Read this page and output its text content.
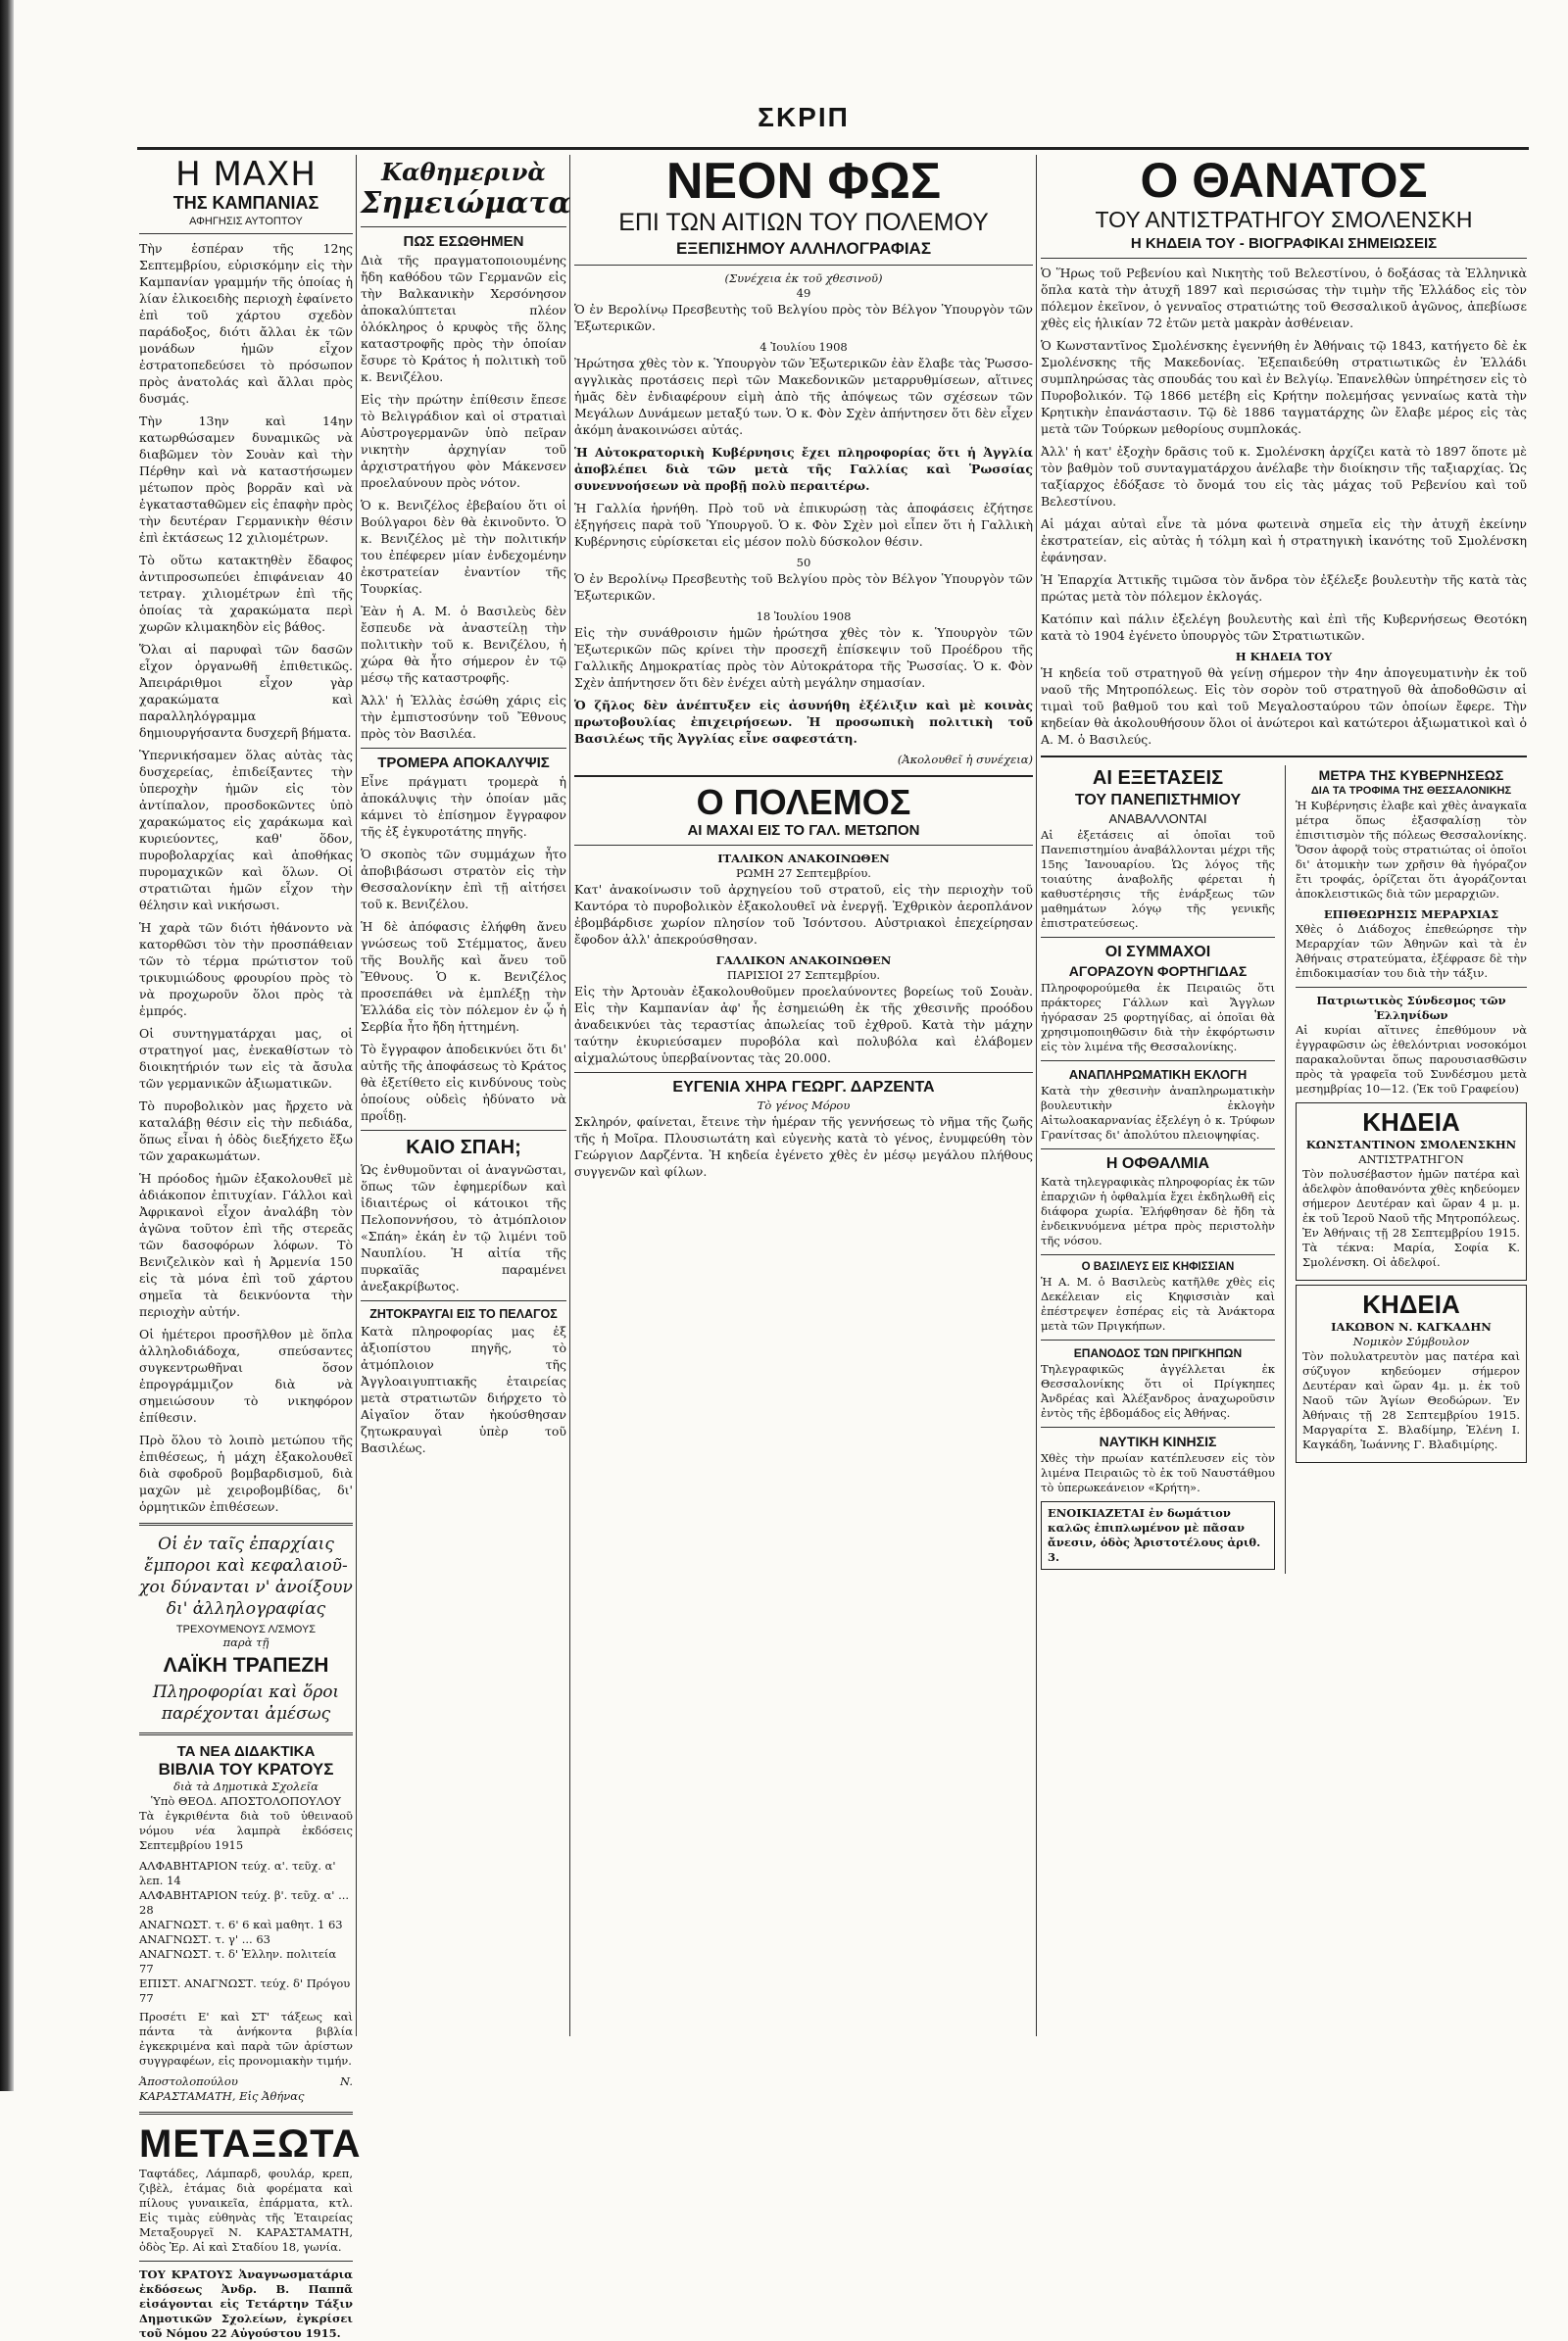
ΣΚΡΙΠ
Η ΜΑΧΗ
ΤΗΣ ΚΑΜΠΑΝΙΑΣ
ΑΦΗΓΗΣΙΣ ΑΥΤΟΠΤΟΥ

Τὴν ἑσπέραν τῆς 12ης Σεπτεμβρίου, εὑρισκόμην εἰς τὴν Καμπανίαν γραμμήν τῆς ὁποίας ἡ λίαν ἐλικοειδὴς περιοχὴ ἐφαίνετο ἐπὶ τοῦ χάρτου σχεδὸν παράδοξος, διότι ἄλλαι ἐκ τῶν μονάδων ἡμῶν εἶχον ἐστρατοπεδεύσει τὸ πρόσωπον πρὸς ἀνατολάς καὶ ἄλλαι πρὸς δυσμάς.

Τὴν 13ην καὶ 14ην κατωρθώσαμεν δυναμικῶς νὰ διαβῶμεν τὸν Σουὰν καὶ τὴν Πέρθην καὶ νὰ καταστήσωμεν μέτωπον πρὸς βορρᾶν καὶ νὰ ἐγκατασταθῶμεν εἰς ἐπαφὴν πρὸς τὴν δευτέραν Γερμανικὴν θέσιν ἐπὶ ἐκτάσεως 12 χιλιομέτρων.

Τὸ οὕτω κατακτηθὲν ἔδαφος ἀντιπροσωπεύει ἐπιφάνειαν 40 τετραγ. χιλιομέτρων ἐπὶ τῆς ὁποίας τὰ χαρακώματα περὶ χωρῶν κλιμακηδὸν εἰς βάθος.

Ὅλαι αἱ παρυφαὶ τῶν δασῶν εἶχον ὀργανωθῆ ἐπιθετικῶς. Ἀπειράριθμοι εἶχον γὰρ χαρακώματα καὶ παραλληλόγραμμα δημιουργήσαντα δυσχερῆ βήματα.

Ὑπερνικήσαμεν ὅλας αὐτὰς τὰς δυσχερείας, ἐπιδείξαντες τὴν ὑπεροχὴν ἡμῶν εἰς τὸν ἀντίπαλον, προσδοκῶντες ὑπὸ χαρακώματος εἰς χαράκωμα καὶ κυριεύοντες, καθ' ὅδον, πυροβολαρχίας καὶ ἀποθήκας πυρομαχικῶν καὶ ὅλων. Οἱ στρατιῶται ἡμῶν εἶχον τὴν θέλησιν καὶ νικήσωσι.

Ἡ χαρὰ τῶν διότι ἠθάνοντο νὰ κατορθῶσι τὸν τὴν προσπάθειαν τῶν τὸ τέρμα πρώτιστον τοῦ τρικυμιώδους φρουρίου πρὸς τὸ νὰ προχωροῦν ὅλοι πρὸς τὰ ἐμπρός.

Οἱ συντηγματάρχαι μας, οἱ στρατηγοί μας, ἐνεκαθίστων τὸ διοικητήριόν των εἰς τὰ ἄσυλα τῶν γερμανικῶν ἀξιωματικῶν.

Τὸ πυροβολικὸν μας ἤρχετο νὰ καταλάβῃ θέσιν εἰς τὴν πεδιάδα, ὅπως εἶναι ἡ ὁδὸς διεξήχετο ἔξω τῶν χαρακωμάτων.

Ἡ πρόοδος ἡμῶν ἐξακολουθεῖ μὲ ἀδιάκοπον ἐπιτυχίαν. Γάλλοι καὶ Ἀφρικανοὶ εἶχον ἀναλάβη τὸν ἀγῶνα τοῦτον ἐπὶ τῆς στερεᾶς τῶν δασοφόρων λόφων. Τὸ Βενιζελικὸν καὶ ἡ Ἀρμενία 150 εἰς τὰ μόνα ἐπὶ τοῦ χάρτου σημεῖα τὰ δεικνύοντα τὴν περιοχὴν αὐτήν.

Οἱ ἡμέτεροι προσῆλθον μὲ ὅπλα ἀλληλοδιάδοχα, σπεύσαντες συγκεντρωθῆναι ὅσον ἐπρογράμμιζον διὰ νὰ σημειώσουν τὸ νικηφόρον ἐπίθεσιν.

Πρὸ ὅλου τὸ λοιπὸ μετώπου τῆς ἐπιθέσεως, ἡ μάχη ἐξακολουθεῖ διὰ σφοδροῦ βομβαρδισμοῦ, διὰ μαχῶν μὲ χειροβομβίδας, δι' ὁρμητικῶν ἐπιθέσεων.

Οἱ ἐν ταῖς ἐπαρχίαις
ἔμποροι καὶ κεφαλαιοῦ-
χοι δύνανται ν' ἀνοίξουν
δι' ἀλληλογραφίας
ΤΡΕΧΟΥΜΕΝΟΥΣ Λ/ΣΜΟΥΣ
παρὰ τῇ
ΛΑΪΚΗ ΤΡΑΠΕΖΗ
Πληροφορίαι καὶ ὅροι
παρέχονται ἀμέσως
ΤΑ ΝΕΑ ΔΙΔΑΚΤΙΚΑ
ΒΙΒΛΙΑ ΤΟΥ ΚΡΑΤΟΥΣ
διὰ τὰ Δημοτικὰ Σχολεῖα
Ὑπὸ ΘΕΟΔ. ΑΠΟΣΤΟΛΟΠΟΥΛΟΥ

Τὰ ἐγκριθέντα διὰ τοῦ ὑθειναοῦ νόμου νέα λαμπρὰ ἐκδόσεις Σεπτεμβρίου 1915

ΑΛΦΑΒΗΤΑΡΙΟΝ τεύχ. α'. τεῦχ. α' λεπ. 14
ΑΛΦΑΒΗΤΑΡΙΟΝ τεύχ. β'. τεῦχ. α' ... 28
ΑΝΑΓΝΩΣΤ. τ. 6' 6 καὶ μαθητ. 1 63
ΑΝΑΓΝΩΣΤ. τ. γ' ... 63
ΑΝΑΓΝΩΣΤ. τ. δ' Ἑλλην. πολιτεία 77
ΕΠΙΣΤ. ΑΝΑΓΝΩΣΤ. τεύχ. δ' Πρόγου 77

Προσέτι Ε' καὶ ΣΤ' τάξεως καὶ πάντα τὰ ἀνήκοντα βιβλία ἐγκεκριμένα καὶ παρὰ τῶν ἀρίστων συγγραφέων, εἰς προνομιακὴν τιμήν.

Ἀποστολοπούλου N. ΚΑΡΑΣΤΑΜΑΤΗ, Εἰς Ἀθήνας

ΜΕΤΑΞΩΤΑ

Ταφτάδες, Λάμπαρδ, φουλάρ, κρεπ, ζιβὲλ, ἐτάμας διὰ φορέματα καὶ πίλους γυναικεῖα, ἐπάρματα, κτλ. Εἰς τιμὰς εὐθηνὰς τῆς Ἐταιρείας Μεταξουργεῖ Ν. ΚΑΡΑΣΤΑΜΑΤΗ, ὁδὸς Ἑρ. Αἱ καὶ Σταδίου 18, γωνία.

ΤΟΥ ΚΡΑΤΟΥΣ Ἀναγνωσματάρια ἐκδόσεως Ἀνδρ. Β. Παππᾶ εἰσάγονται εἰς Τετάρτην Τάξιν Δημοτικῶν Σχολείων, ἐγκρίσει τοῦ Νόμου 22 Αὐγούστου 1915.

Καθημερινὰ
Σημειώματα
ΠΩΣ ΕΣΩΘΗΜΕΝ

Διὰ τῆς πραγματοποιουμένης ἤδη καθόδου τῶν Γερμανῶν εἰς τὴν Βαλκανικὴν Χερσόνησον ἀποκαλύπτεται πλέον ὁλόκληρος ὁ κρυφὸς τῆς ὅλης καταστροφῆς πρὸς τὴν ὁποίαν ἔσυρε τὸ Κράτος ἡ πολιτικὴ τοῦ κ. Βενιζέλου.

Εἰς τὴν πρώτην ἐπίθεσιν ἔπεσε τὸ Βελιγράδιον καὶ οἱ στρατιαὶ Αὐστρογερμανῶν ὑπὸ πεῖραν νικητὴν ἀρχηγίαν τοῦ ἀρχιστρατήγου φὸν Μάκενσεν προελαύνουν πρὸς νότον.

Ὁ κ. Βενιζέλος ἐβεβαίου ὅτι οἱ Βούλγαροι δὲν θὰ ἐκινοῦντο. Ὁ κ. Βενιζέλος μὲ τὴν πολιτικήν του ἐπέφερεν μίαν ἐνδεχομένην ἐκστρατείαν ἐναντίον τῆς Τουρκίας.

Ἐὰν ἡ Α. Μ. ὁ Βασιλεὺς δὲν ἔσπευδε νὰ ἀναστείλῃ τὴν πολιτικὴν τοῦ κ. Βενιζέλου, ἡ χώρα θὰ ἦτο σήμερον ἐν τῷ μέσῳ τῆς καταστροφῆς.

Ἀλλ' ἡ Ἑλλὰς ἐσώθη χάρις εἰς τὴν ἐμπιστοσύνην τοῦ Ἔθνους πρὸς τὸν Βασιλέα.

ΤΡΟΜΕΡΑ ΑΠΟΚΑΛΥΨΙΣ

Εἶνε πράγματι τρομερὰ ἡ ἀποκάλυψις τὴν ὁποίαν μᾶς κάμνει τὸ ἐπίσημον ἔγγραφον τῆς ἐξ ἐγκυροτάτης πηγῆς.

Ὁ σκοπὸς τῶν συμμάχων ἦτο ἀποβιβάσωσι στρατὸν εἰς τὴν Θεσσαλονίκην ἐπὶ τῇ αἰτήσει τοῦ κ. Βενιζέλου.

Ἡ δὲ ἀπόφασις ἐλήφθη ἄνευ γνώσεως τοῦ Στέμματος, ἄνευ τῆς Βουλῆς καὶ ἄνευ τοῦ Ἔθνους. Ὁ κ. Βενιζέλος προσεπάθει νὰ ἐμπλέξῃ τὴν Ἑλλάδα εἰς τὸν πόλεμον ἐν ᾧ ἡ Σερβία ἦτο ἤδη ἡττημένη.

Τὸ ἔγγραφον ἀποδεικνύει ὅτι δι' αὐτῆς τῆς ἀποφάσεως τὸ Κράτος θὰ ἐξετίθετο εἰς κινδύνους τοὺς ὁποίους οὐδεὶς ἠδύνατο νὰ προΐδῃ.

ΚΑΙΟ ΣΠΑΗ;

Ὡς ἐνθυμοῦνται οἱ ἀναγνῶσται, ὅπως τῶν ἐφημερίδων καὶ ἰδιαιτέρως οἱ κάτοικοι τῆς Πελοποννήσου, τὸ ἀτμόπλοιον «Σπάη» ἐκάη ἐν τῷ λιμένι τοῦ Ναυπλίου. Ἡ αἰτία τῆς πυρκαϊᾶς παραμένει ἀνεξακρίβωτος.

ΖΗΤΟΚΡΑΥΓΑΙ ΕΙΣ ΤΟ ΠΕΛΑΓΟΣ

Κατὰ πληροφορίας μας ἐξ ἀξιοπίστου πηγῆς, τὸ ἀτμόπλοιον τῆς Ἀγγλοαιγυπτιακῆς ἑταιρείας μετὰ στρατιωτῶν διήρχετο τὸ Αἰγαῖον ὅταν ἠκούσθησαν ζητωκραυγαὶ ὑπὲρ τοῦ Βασιλέως.

ΝΕΟΝ ΦΩΣ
ΕΠΙ ΤΩΝ ΑΙΤΙΩΝ ΤΟΥ ΠΟΛΕΜΟΥ
ΕΞΕΠΙΣΗΜΟΥ ΑΛΛΗΛΟΓΡΑΦΙΑΣ
(Συνέχεια ἐκ τοῦ χθεσινοῦ)
49

Ὁ ἐν Βερολίνῳ Πρεσβευτὴς τοῦ Βελγίου πρὸς τὸν Βέλγον Ὑπουργὸν τῶν Ἐξωτερικῶν.

4 Ἰουλίου 1908

Ἠρώτησα χθὲς τὸν κ. Ὑπουργὸν τῶν Ἐξωτερικῶν ἐὰν ἔλαβε τὰς Ῥωσσο-αγγλικὰς προτάσεις περὶ τῶν Μακεδονικῶν μεταρρυθμίσεων, αἵτινες ἡμᾶς δὲν ἐνδιαφέρουν εἰμὴ ἀπὸ τῆς ἀπόψεως τῶν σχέσεων τῶν Μεγάλων Δυνάμεων μεταξύ των. Ὁ κ. Φὸν Σχὲν ἀπήντησεν ὅτι δὲν εἶχεν ἀκόμη ἀνακοινώσει αὐτάς.

Ἡ Αὐτοκρατορικὴ Κυβέρνησις ἔχει πληροφορίας ὅτι ἡ Ἀγγλία ἀποβλέπει διὰ τῶν μετὰ τῆς Γαλλίας καὶ Ῥωσσίας συνεννοήσεων νὰ προβῇ πολὺ περαιτέρω.

Ἡ Γαλλία ἠρνήθη. Πρὸ τοῦ νὰ ἐπικυρώσῃ τὰς ἀποφάσεις ἐζήτησε ἐξηγήσεις παρὰ τοῦ Ὑπουργοῦ. Ὁ κ. Φὸν Σχὲν μοὶ εἶπεν ὅτι ἡ Γαλλικὴ Κυβέρνησις εὑρίσκεται εἰς μέσον πολὺ δύσκολον θέσιν.

50

Ὁ ἐν Βερολίνῳ Πρεσβευτὴς τοῦ Βελγίου πρὸς τὸν Βέλγον Ὑπουργὸν τῶν Ἐξωτερικῶν.

18 Ἰουλίου 1908

Εἰς τὴν συνάθροισιν ἡμῶν ἠρώτησα χθὲς τὸν κ. Ὑπουργὸν τῶν Ἐξωτερικῶν πῶς κρίνει τὴν προσεχῆ ἐπίσκεψιν τοῦ Προέδρου τῆς Γαλλικῆς Δημοκρατίας πρὸς τὸν Αὐτοκράτορα τῆς Ῥωσσίας. Ὁ κ. Φὸν Σχὲν ἀπήντησεν ὅτι δὲν ἐνέχει αὐτὴ μεγάλην σημασίαν.

Ὁ ζῆλος δὲν ἀνέπτυξεν εἰς ἀσυνήθη ἐξέλιξιν καὶ μὲ κοινὰς πρωτοβουλίας ἐπιχειρήσεων. Ἡ προσωπικὴ πολιτικὴ τοῦ Βασιλέως τῆς Ἀγγλίας εἶνε σαφεστάτη.

(Ἀκολουθεῖ ἡ συνέχεια)
Ο ΠΟΛΕΜΟΣ
ΑΙ ΜΑΧΑΙ ΕΙΣ ΤΟ ΓΑΛ. ΜΕΤΩΠΟΝ
ΙΤΑΛΙΚΟΝ ΑΝΑΚΟΙΝΩΘΕΝ
ΡΩΜΗ 27 Σεπτεμβρίου.

Κατ' ἀνακοίνωσιν τοῦ ἀρχηγείου τοῦ στρατοῦ, εἰς τὴν περιοχὴν τοῦ Καντόρα τὸ πυροβολικὸν ἐξακολουθεῖ νὰ ἐνεργῇ. Ἐχθρικὸν ἀεροπλάνον ἐβομβάρδισε χωρίον πλησίον τοῦ Ἰσόντσου. Αὐστριακοὶ ἐπεχείρησαν ἔφοδον ἀλλ' ἀπεκρούσθησαν.

ΓΑΛΛΙΚΟΝ ΑΝΑΚΟΙΝΩΘΕΝ
ΠΑΡΙΣΙΟΙ 27 Σεπτεμβρίου.

Εἰς τὴν Ἀρτουὰν ἐξακολουθοῦμεν προελαύνοντες βορείως τοῦ Σουὰν. Εἰς τὴν Καμπανίαν ἀφ' ἧς ἐσημειώθη ἐκ τῆς χθεσινῆς προόδου ἀναδεικνύει τὰς τεραστίας ἀπωλείας τοῦ ἐχθροῦ. Κατὰ τὴν μάχην ταύτην ἐκυριεύσαμεν πυροβόλα καὶ πολυβόλα καὶ ἐλάβομεν αἰχμαλώτους ὑπερβαίνοντας τὰς 20.000.

ΕΥΓΕΝΙΑ ΧΗΡΑ ΓΕΩΡΓ. ΔΑΡΖΕΝΤΑ
Τὸ γένος Μόρου

Σκληρόν, φαίνεται, ἔτεινε τὴν ἡμέραν τῆς γεννήσεως τὸ νῆμα τῆς ζωῆς τῆς ἡ Μοῖρα. Πλουσιωτάτη καὶ εὐγενὴς κατὰ τὸ γένος, ἐνυμφεύθη τὸν Γεώργιον Δαρζέντα. Ἡ κηδεία ἐγένετο χθὲς ἐν μέσῳ μεγάλου πλήθους συγγενῶν καὶ φίλων.

Ο ΘΑΝΑΤΟΣ
ΤΟΥ ΑΝΤΙΣΤΡΑΤΗΓΟΥ ΣΜΟΛΕΝΣΚΗ
Η ΚΗΔΕΙΑ ΤΟΥ - ΒΙΟΓΡΑΦΙΚΑΙ ΣΗΜΕΙΩΣΕΙΣ

Ὁ Ἥρως τοῦ Ρεβενίου καὶ Νικητὴς τοῦ Βελεστίνου, ὁ δοξάσας τὰ Ἑλληνικὰ ὅπλα κατὰ τὴν ἀτυχῆ 1897 καὶ περισώσας τὴν τιμὴν τῆς Ἑλλάδος εἰς τὸν πόλεμον ἐκεῖνον, ὁ γενναῖος στρατιώτης τοῦ Θεσσαλικοῦ ἀγῶνος, ἀπεβίωσε χθὲς εἰς ἡλικίαν 72 ἐτῶν μετὰ μακρὰν ἀσθένειαν.

Ὁ Κωνσταντῖνος Σμολένσκης ἐγεννήθη ἐν Ἀθήναις τῷ 1843, κατήγετο δὲ ἐκ Σμολένσκης τῆς Μακεδονίας. Ἐξεπαιδεύθη στρατιωτικῶς ἐν Ἑλλάδι συμπληρώσας τὰς σπουδάς του καὶ ἐν Βελγίῳ. Ἐπανελθὼν ὑπηρέτησεν εἰς τὸ Πυροβολικόν. Τῷ 1866 μετέβη εἰς Κρήτην πολεμήσας γενναίως κατὰ τὴν Κρητικὴν ἐπανάστασιν. Τῷ δὲ 1886 ταγματάρχης ὢν ἔλαβε μέρος εἰς τὰς μετὰ τῶν Τούρκων μεθορίους συμπλοκάς.

Ἀλλ' ἡ κατ' ἐξοχὴν δρᾶσις τοῦ κ. Σμολένσκη ἀρχίζει κατὰ τὸ 1897 ὅποτε μὲ τὸν βαθμὸν τοῦ συνταγματάρχου ἀνέλαβε τὴν διοίκησιν τῆς ταξιαρχίας. Ὡς ταξίαρχος ἐδόξασε τὸ ὄνομά του εἰς τὰς μάχας τοῦ Ρεβενίου καὶ τοῦ Βελεστίνου.

Αἱ μάχαι αὐταὶ εἶνε τὰ μόνα φωτεινὰ σημεῖα εἰς τὴν ἀτυχῆ ἐκείνην ἐκστρατείαν, εἰς αὐτὰς ἡ τόλμη καὶ ἡ στρατηγικὴ ἱκανότης τοῦ Σμολένσκη ἐφάνησαν.

Ἡ Ἑπαρχία Ἀττικῆς τιμῶσα τὸν ἄνδρα τὸν ἐξέλεξε βουλευτὴν τῆς κατὰ τὰς πρώτας μετὰ τὸν πόλεμον ἐκλογάς.

Κατόπιν καὶ πάλιν ἐξελέγη βουλευτὴς καὶ ἐπὶ τῆς Κυβερνήσεως Θεοτόκη κατὰ τὸ 1904 ἐγένετο ὑπουργὸς τῶν Στρατιωτικῶν.

Η ΚΗΔΕΙΑ ΤΟΥ

Ἡ κηδεία τοῦ στρατηγοῦ θὰ γείνῃ σήμερον τὴν 4ην ἀπογευματινὴν ἐκ τοῦ ναοῦ τῆς Μητροπόλεως. Εἰς τὸν σορὸν τοῦ στρατηγοῦ θὰ ἀποδοθῶσιν αἱ τιμαὶ τοῦ βαθμοῦ του καὶ τοῦ Μεγαλοσταύρου τῶν ὁποίων ἔφερε. Τὴν κηδείαν θὰ ἀκολουθήσουν ὅλοι οἱ ἀνώτεροι καὶ κατώτεροι ἀξιωματικοὶ καὶ ὁ Α. Μ. ὁ Βασιλεύς.

ΑΙ ΕΞΕΤΑΣΕΙΣ
ΤΟΥ ΠΑΝΕΠΙΣΤΗΜΙΟΥ
ΑΝΑΒΑΛΛΟΝΤΑΙ

Αἱ ἐξετάσεις αἱ ὁποῖαι τοῦ Πανεπιστημίου ἀναβάλλονται μέχρι τῆς 15ης Ἰανουαρίου. Ὡς λόγος τῆς τοιαύτης ἀναβολῆς φέρεται ἡ καθυστέρησις τῆς ἐνάρξεως τῶν μαθημάτων λόγῳ τῆς γενικῆς ἐπιστρατεύσεως.

ΟΙ ΣΥΜΜΑΧΟΙ
ΑΓΟΡΑΖΟΥΝ ΦΟΡΤΗΓΙΔΑΣ

Πληροφορούμεθα ἐκ Πειραιῶς ὅτι πράκτορες Γάλλων καὶ Ἄγγλων ἠγόρασαν 25 φορτηγίδας, αἱ ὁποῖαι θὰ χρησιμοποιηθῶσιν διὰ τὴν ἐκφόρτωσιν εἰς τὸν λιμένα τῆς Θεσσαλονίκης.

ΑΝΑΠΛΗΡΩΜΑΤΙΚΗ ΕΚΛΟΓΗ

Κατὰ τὴν χθεσινὴν ἀναπληρωματικὴν βουλευτικὴν ἐκλογὴν Αἰτωλοακαρνανίας ἐξελέγη ὁ κ. Τρύφων Γρανίτσας δι' ἀπολύτου πλειοψηφίας.

Η ΟΦΘΑΛΜΙΑ

Κατὰ τηλεγραφικὰς πληροφορίας ἐκ τῶν ἐπαρχιῶν ἡ ὀφθαλμία ἔχει ἐκδηλωθῆ εἰς διάφορα χωρία. Ἐλήφθησαν δὲ ἤδη τὰ ἐνδεικνυόμενα μέτρα πρὸς περιστολὴν τῆς νόσου.

Ο ΒΑΣΙΛΕΥΣ ΕΙΣ ΚΗΦΙΣΣΙΑΝ

Ἡ Α. Μ. ὁ Βασιλεὺς κατῆλθε χθὲς εἰς Δεκέλειαν εἰς Κηφισσιὰν καὶ ἐπέστρεψεν ἐσπέρας εἰς τὰ Ἀνάκτορα μετὰ τῶν Πριγκήπων.

ΕΠΑΝΟΔΟΣ ΤΩΝ ΠΡΙΓΚΗΠΩΝ

Τηλεγραφικῶς ἀγγέλλεται ἐκ Θεσσαλονίκης ὅτι οἱ Πρίγκηπες Ἀνδρέας καὶ Ἀλέξανδρος ἀναχωροῦσιν ἐντὸς τῆς ἑβδομάδος εἰς Ἀθήνας.

ΝΑΥΤΙΚΗ ΚΙΝΗΣΙΣ

Χθὲς τὴν πρωίαν κατέπλευσεν εἰς τὸν λιμένα Πειραιῶς τὸ ἐκ τοῦ Ναυστάθμου τὸ ὑπερωκεάνειον «Κρήτη».

ΕΝΟΙΚΙΑΖΕΤΑΙ ἐν δωμάτιον καλῶς ἐπιπλωμένον μὲ πᾶσαν ἄνεσιν, ὁδὸς Ἀριστοτέλους ἀριθ. 3.
ΜΕΤΡΑ ΤΗΣ ΚΥΒΕΡΝΗΣΕΩΣ
ΔΙΑ ΤΑ ΤΡΟΦΙΜΑ ΤΗΣ ΘΕΣΣΑΛΟΝΙΚΗΣ

Ἡ Κυβέρνησις ἐλαβε καὶ χθὲς ἀναγκαῖα μέτρα ὅπως ἐξασφαλίσῃ τὸν ἐπισιτισμὸν τῆς πόλεως Θεσσαλονίκης. Ὅσον ἀφορᾷ τοὺς στρατιώτας οἱ ὁποῖοι δι' ἀτομικὴν των χρῆσιν θὰ ἠγόραζον ἔτι τροφάς, ὁρίζεται ὅτι ἀγοράζονται ἀποκλειστικῶς διὰ τῶν μεραρχιῶν.

ΕΠΙΘΕΩΡΗΣΙΣ ΜΕΡΑΡΧΙΑΣ

Χθὲς ὁ Διάδοχος ἐπεθεώρησε τὴν Μεραρχίαν τῶν Ἀθηνῶν καὶ τὰ ἐν Ἀθήναις στρατεύματα, ἐξέφρασε δὲ τὴν ἐπιδοκιμασίαν του διὰ τὴν τάξιν.

Πατριωτικὸς Σύνδεσμος τῶν Ἑλληνίδων

Αἱ κυρίαι αἵτινες ἐπεθύμουν νὰ ἐγγραφῶσιν ὡς ἐθελόντριαι νοσοκόμοι παρακαλοῦνται ὅπως παρουσιασθῶσιν πρὸς τὰ γραφεῖα τοῦ Συνδέσμου μετὰ μεσημβρίας 10—12. (Ἐκ τοῦ Γραφείου)

ΚΗΔΕΙΑ
ΚΩΝΣΤΑΝΤΙΝΟΝ ΣΜΟΛΕΝΣΚΗΝ
ΑΝΤΙΣΤΡΑΤΗΓΟΝ

Τὸν πολυσέβαστον ἡμῶν πατέρα καὶ ἀδελφὸν ἀποθανόντα χθὲς κηδεύομεν σήμερον Δευτέραν καὶ ὥραν 4 μ. μ. ἐκ τοῦ Ἱεροῦ Ναοῦ τῆς Μητροπόλεως. Ἐν Ἀθήναις τῇ 28 Σεπτεμβρίου 1915. Τὰ τέκνα: Μαρία, Σοφία Κ. Σμολένσκη. Οἱ ἀδελφοί.

ΚΗΔΕΙΑ
ΙΑΚΩΒΟΝ Ν. ΚΑΓΚΑΔΗΝ
Νομικὸν Σύμβουλον

Τὸν πολυλατρευτὸν μας πατέρα καὶ σύζυγον κηδεύομεν σήμερον Δευτέραν καὶ ὥραν 4μ. μ. ἐκ τοῦ Ναοῦ τῶν Ἁγίων Θεοδώρων. Ἐν Ἀθήναις τῇ 28 Σεπτεμβρίου 1915. Μαργαρίτα Σ. Βλαδίμηρ, Ἑλένη Ι. Καγκάδη, Ἰωάννης Γ. Βλαδιμίρης.
